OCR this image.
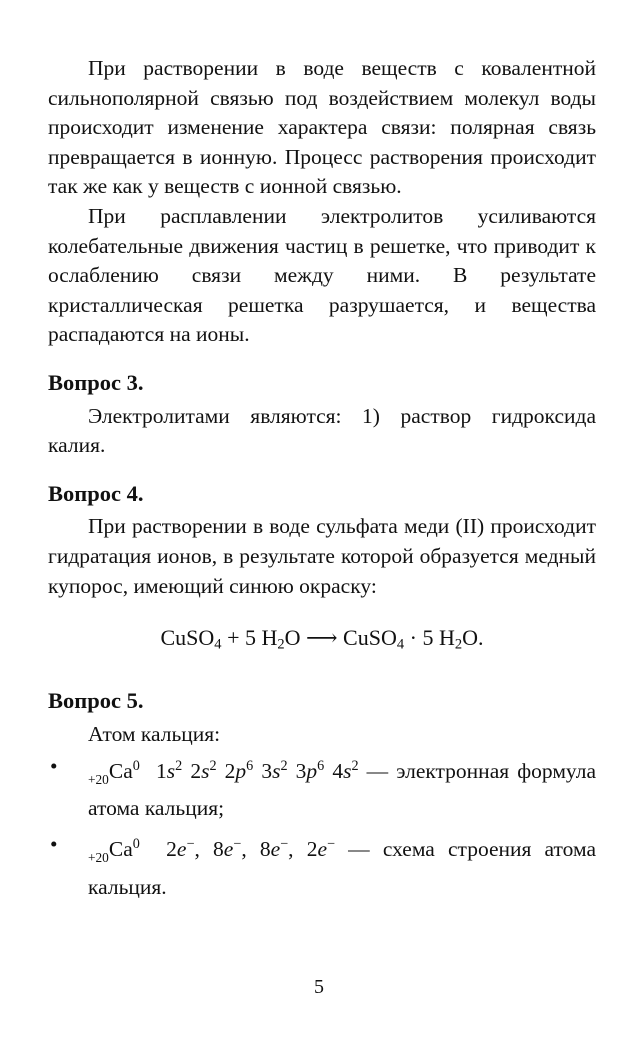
При растворении в воде веществ с ковалентной сильнополярной связью под воздействием молекул воды происходит изменение характера связи: полярная связь превращается в ионную. Процесс растворения происходит так же как у веществ с ионной связью.

При расплавлении электролитов усиливаются колебательные движения частиц в решетке, что приводит к ослаблению связи между ними. В результате кристаллическая решетка разрушается, и вещества распадаются на ионы.

Вопрос 3.

Электролитами являются: 1) раствор гидроксида калия.

Вопрос 4.

При растворении в воде сульфата меди (II) происходит гидратация ионов, в результате которой образуется медный купорос, имеющий синюю окраску:

CuSO$_4$ + 5 $H_2O$ ⟶ CuSO$_4$ · 5 $H_2O$.
Вопрос 5.
Атом кальция:
•
$_{+20}Ca^0$  $1s^2$ $2s^2$ $2p^6$ $3s^2$ $3p^6$ $4s^2$ — электронная формула атома кальция;
•
$_{+20}Ca^0$  2e−, 8e−, 8e−, 2e− — схема строения атома кальция.
5
